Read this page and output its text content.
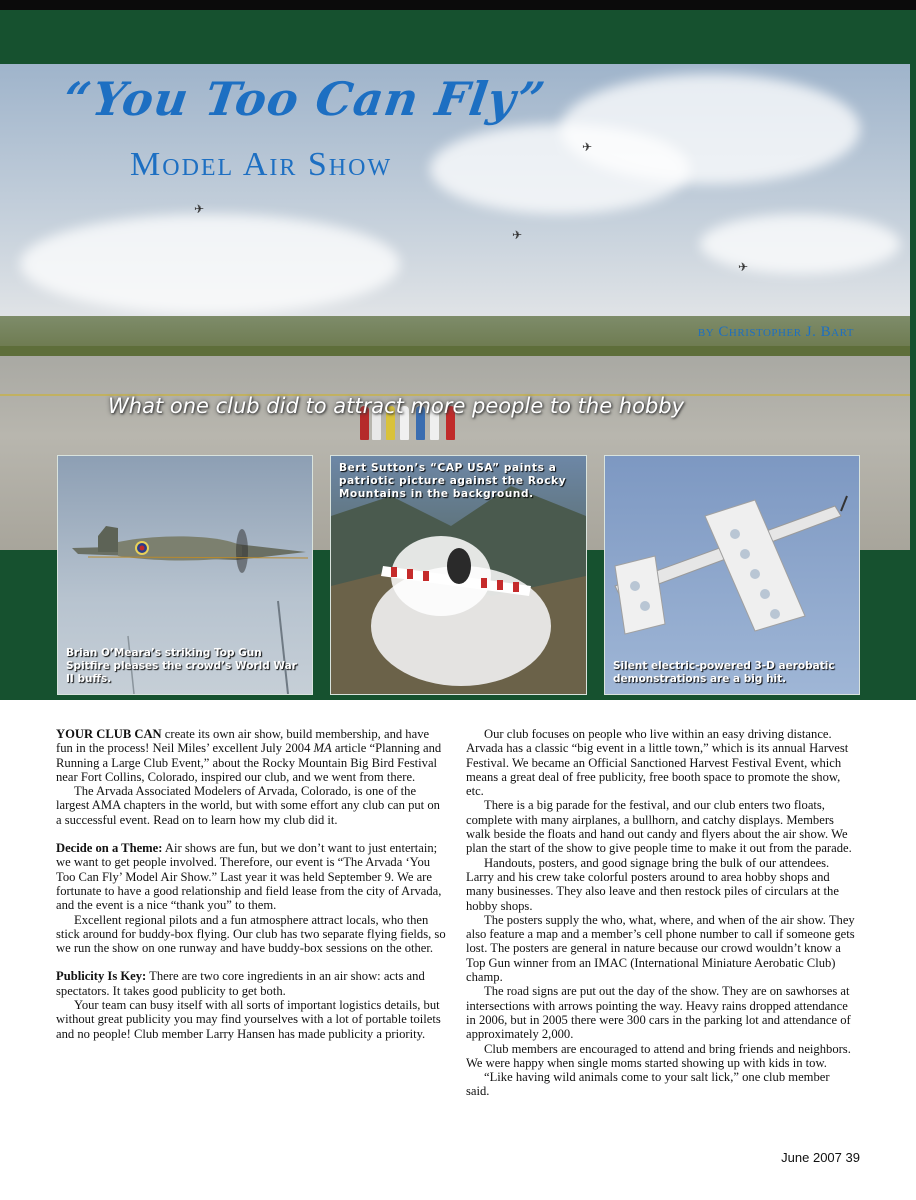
✈
✈
✈
✈
“You Too Can Fly”
Model Air Show
by Christopher J. Bart
What one club did to attract more people to the hobby
Brian O’Meara’s striking Top Gun Spitfire pleases the crowd’s World War II buffs.
Bert Sutton’s “CAP USA” paints a patriotic picture against the Rocky Mountains in the background.
Silent electric-powered 3-D aerobatic demonstrations are a big hit.

YOUR CLUB CAN create its own air show, build membership, and have fun in the process! Neil Miles’ excellent July 2004 MA article “Planning and Running a Large Club Event,” about the Rocky Mountain Big Bird Festival near Fort Collins, Colorado, inspired our club, and we went from there.

The Arvada Associated Modelers of Arvada, Colorado, is one of the largest AMA chapters in the world, but with some effort any club can put on a successful event. Read on to learn how my club did it.

Decide on a Theme: Air shows are fun, but we don’t want to just entertain; we want to get people involved. Therefore, our event is “The Arvada ‘You Too Can Fly’ Model Air Show.” Last year it was held September 9. We are fortunate to have a good relationship and field lease from the city of Arvada, and the event is a nice “thank you” to them.

Excellent regional pilots and a fun atmosphere attract locals, who then stick around for buddy-box flying. Our club has two separate flying fields, so we run the show on one runway and have buddy-box sessions on the other.

Publicity Is Key: There are two core ingredients in an air show: acts and spectators. It takes good publicity to get both.

Your team can busy itself with all sorts of important logistics details, but without great publicity you may find yourselves with a lot of portable toilets and no people! Club member Larry Hansen has made publicity a priority.

Our club focuses on people who live within an easy driving distance. Arvada has a classic “big event in a little town,” which is its annual Harvest Festival. We became an Official Sanctioned Harvest Festival Event, which means a great deal of free publicity, free booth space to promote the show, etc.

There is a big parade for the festival, and our club enters two floats, complete with many airplanes, a bullhorn, and catchy displays. Members walk beside the floats and hand out candy and flyers about the air show. We plan the start of the show to give people time to make it out from the parade.

Handouts, posters, and good signage bring the bulk of our attendees. Larry and his crew take colorful posters around to area hobby shops and many businesses. They also leave and then restock piles of circulars at the hobby shops.

The posters supply the who, what, where, and when of the air show. They also feature a map and a member’s cell phone number to call if someone gets lost. The posters are general in nature because our crowd wouldn’t know a Top Gun winner from an IMAC (International Miniature Aerobatic Club) champ.

The road signs are put out the day of the show. They are on sawhorses at intersections with arrows pointing the way. Heavy rains dropped attendance in 2006, but in 2005 there were 300 cars in the parking lot and attendance of approximately 2,000.

Club members are encouraged to attend and bring friends and neighbors. We were happy when single moms started showing up with kids in tow.

“Like having wild animals come to your salt lick,” one club member said.

June 2007 39
